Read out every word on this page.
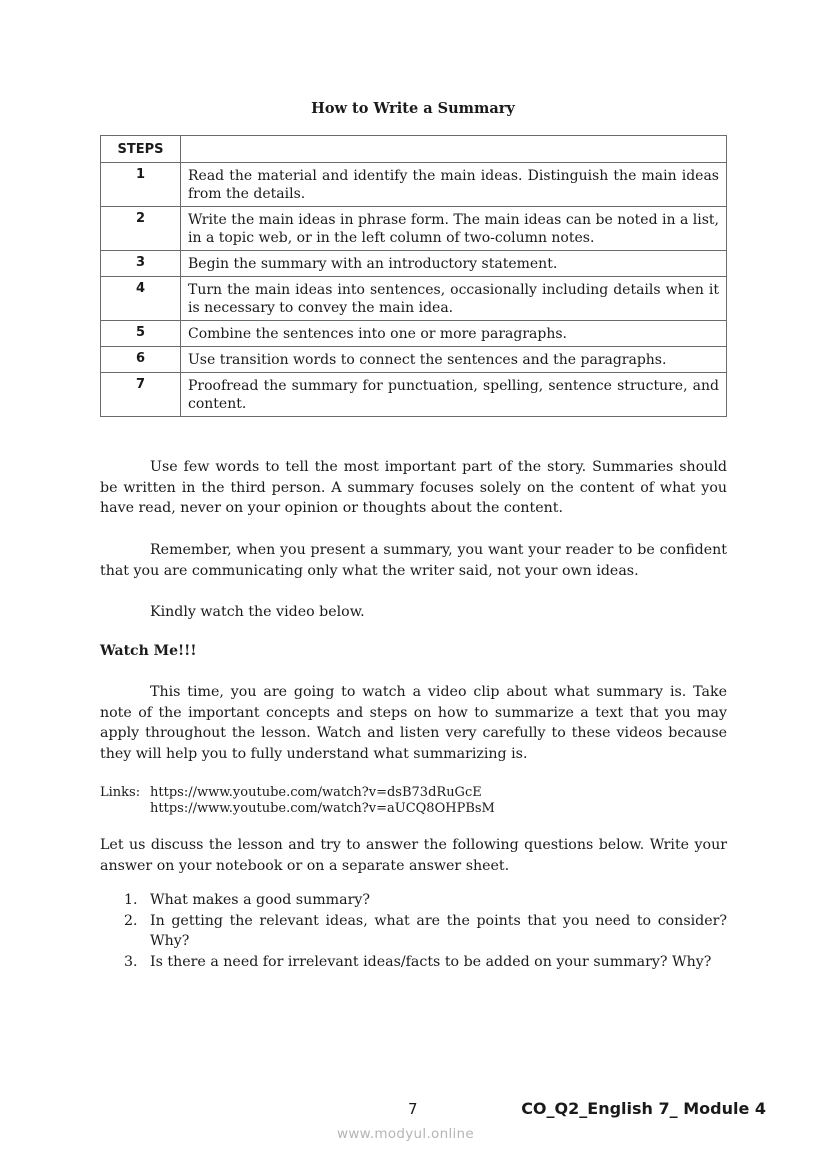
How to Write a Summary
STEPS	
1	Read the material and identify the main ideas. Distinguish the main ideas from the details.
2	Write the main ideas in phrase form. The main ideas can be noted in a list, in a topic web, or in the left column of two-column notes.
3	Begin the summary with an introductory statement.
4	Turn the main ideas into sentences, occasionally including details when it is necessary to convey the main idea.
5	Combine the sentences into one or more paragraphs.
6	Use transition words to connect the sentences and the paragraphs.
7	Proofread the summary for punctuation, spelling, sentence structure, and content.

Use few words to tell the most important part of the story. Summaries should be written in the third person. A summary focuses solely on the content of what you have read, never on your opinion or thoughts about the content.

Remember, when you present a summary, you want your reader to be confident that you are communicating only what the writer said, not your own ideas.

Kindly watch the video below.

Watch Me!!!

This time, you are going to watch a video clip about what summary is. Take note of the important concepts and steps on how to summarize a text that you may apply throughout the lesson. Watch and listen very carefully to these videos because they will help you to fully understand what summarizing is.

Links: https://www.youtube.com/watch?v=dsB73dRuGcE
https://www.youtube.com/watch?v=aUCQ8OHPBsM

Let us discuss the lesson and try to answer the following questions below. Write your answer on your notebook or on a separate answer sheet.

1. What makes a good summary?
2. In getting the relevant ideas, what are the points that you need to consider? Why?
3. Is there a need for irrelevant ideas/facts to be added on your summary? Why?
7	CO_Q2_English 7_ Module 4
www.modyul.online
